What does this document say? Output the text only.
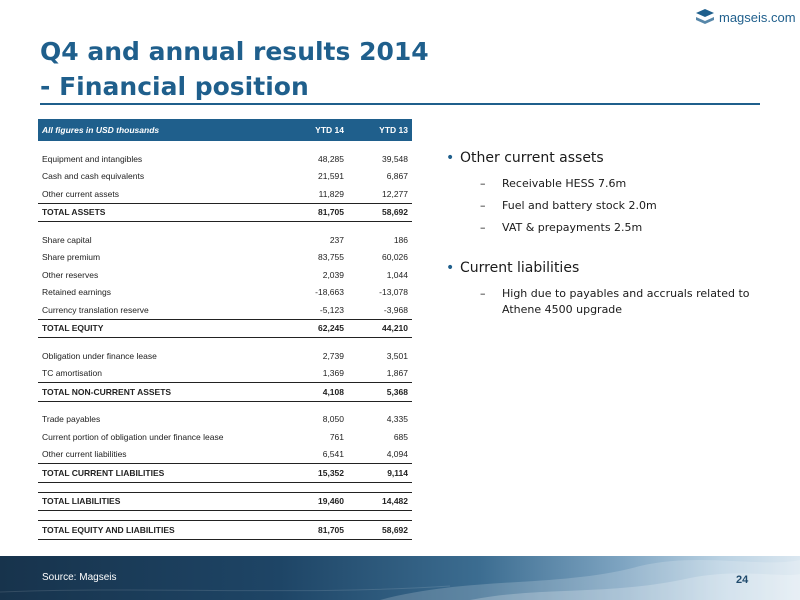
Q4 and annual results 2014
- Financial position
magseis.com
All figures in USD thousands	YTD 14	YTD 13

Equipment and intangibles	48,285	39,548
Cash and cash equivalents	21,591	6,867
Other current assets	11,829	12,277
TOTAL ASSETS	81,705	58,692

Share capital	237	186
Share premium	83,755	60,026
Other reserves	2,039	1,044
Retained earnings	-18,663	-13,078
Currency translation reserve	-5,123	-3,968
TOTAL EQUITY	62,245	44,210

Obligation under finance lease	2,739	3,501
TC amortisation	1,369	1,867
TOTAL NON-CURRENT ASSETS	4,108	5,368

Trade payables	8,050	4,335
Current portion of obligation under finance lease	761	685
Other current liabilities	6,541	4,094
TOTAL CURRENT LIABILITIES	15,352	9,114

TOTAL LIABILITIES	19,460	14,482

TOTAL EQUITY AND LIABILITIES	81,705	58,692
• Other current assets
– Receivable HESS 7.6m
– Fuel and battery stock 2.0m
– VAT & prepayments 2.5m
• Current liabilities
– High due to payables and accruals related to Athene 4500 upgrade
Source: Magseis	24
